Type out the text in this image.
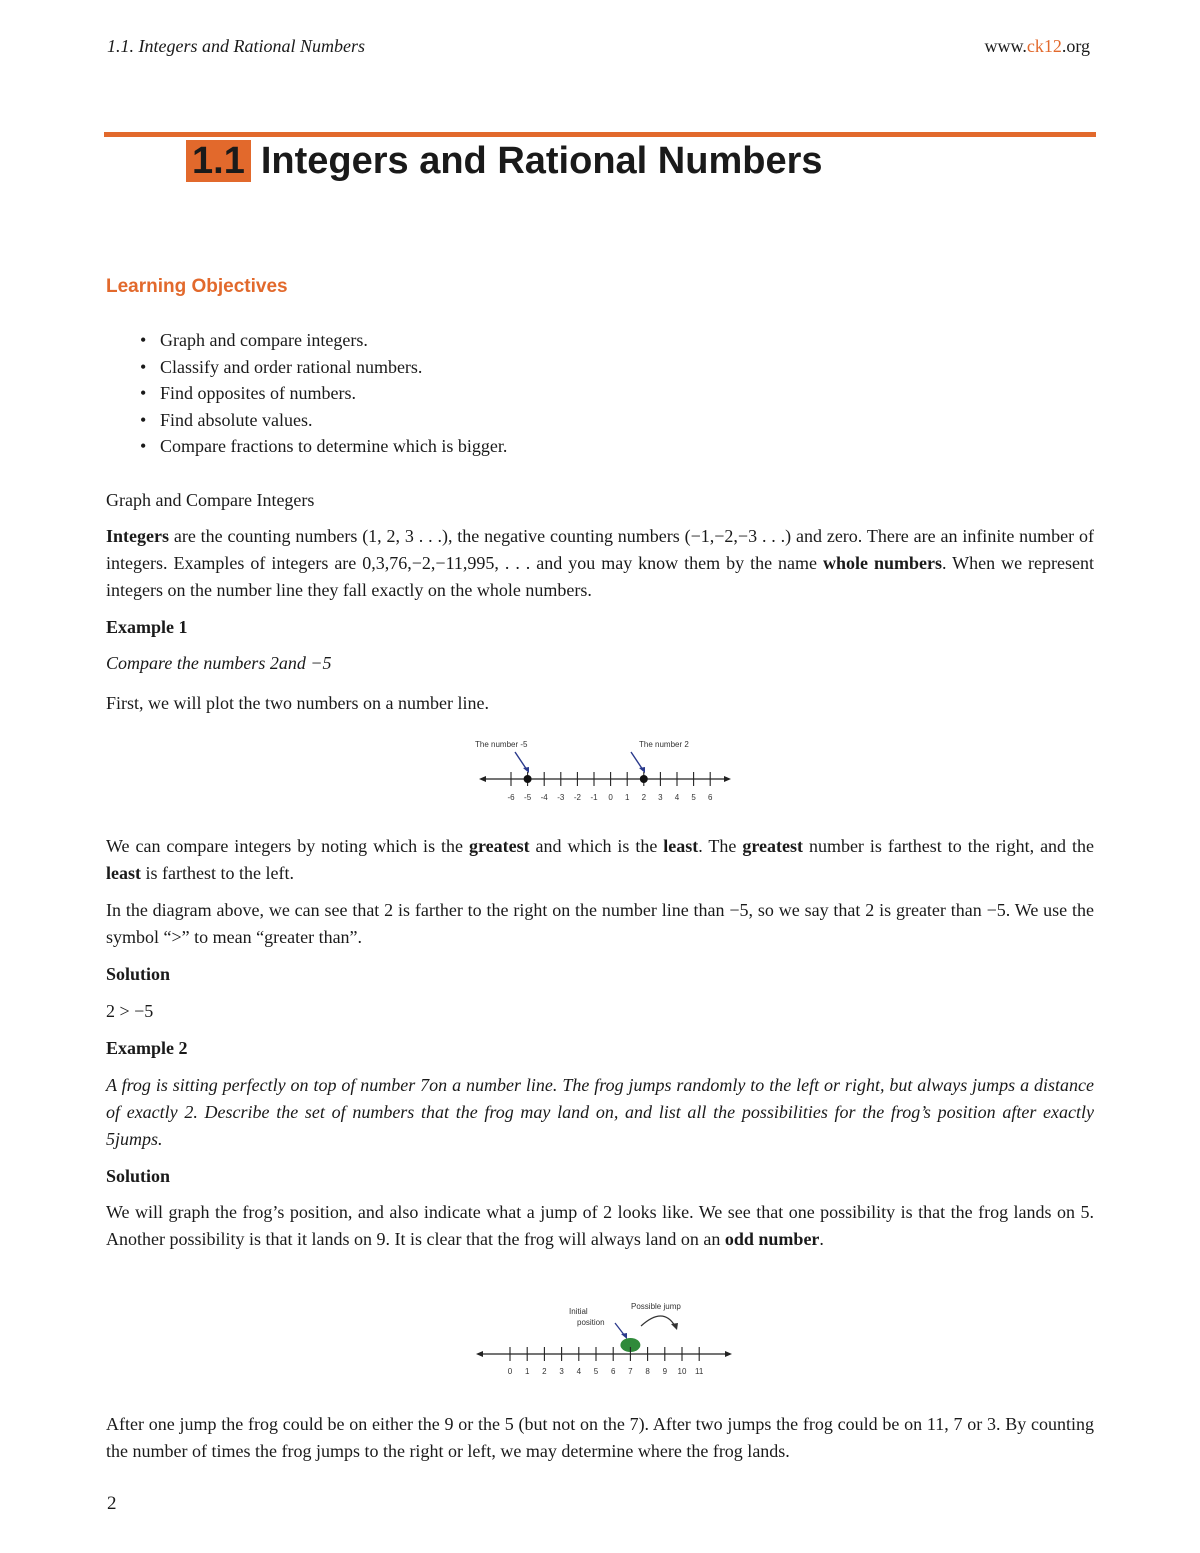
1.1. Integers and Rational Numbers	www.ck12.org
1.1 Integers and Rational Numbers
Learning Objectives
• Graph and compare integers.
• Classify and order rational numbers.
• Find opposites of numbers.
• Find absolute values.
• Compare fractions to determine which is bigger.
Graph and Compare Integers
Integers are the counting numbers (1, 2, 3 . . .), the negative counting numbers (−1,−2,−3 . . .) and zero. There are an infinite number of integers. Examples of integers are 0,3,76,−2,−11,995, . . . and you may know them by the name whole numbers. When we represent integers on the number line they fall exactly on the whole numbers.
Example 1
Compare the numbers 2and −5
First, we will plot the two numbers on a number line.
The number -5	The number 2
-6 -5 -4 -3 -2 -1 0 1 2 3 4 5 6
We can compare integers by noting which is the greatest and which is the least. The greatest number is farthest to the right, and the least is farthest to the left.
In the diagram above, we can see that 2 is farther to the right on the number line than −5, so we say that 2 is greater than −5. We use the symbol “>” to mean “greater than”.
Solution
2 > −5
Example 2
A frog is sitting perfectly on top of number 7on a number line. The frog jumps randomly to the left or right, but always jumps a distance of exactly 2. Describe the set of numbers that the frog may land on, and list all the possibilities for the frog’s position after exactly 5jumps.
Solution
We will graph the frog’s position, and also indicate what a jump of 2 looks like. We see that one possibility is that the frog lands on 5. Another possibility is that it lands on 9. It is clear that the frog will always land on an odd number.
Initial
position
Possible jump
0 1 2 3 4 5 6 7 8 9 10 11
After one jump the frog could be on either the 9 or the 5 (but not on the 7). After two jumps the frog could be on 11, 7 or 3. By counting the number of times the frog jumps to the right or left, we may determine where the frog lands.
2
